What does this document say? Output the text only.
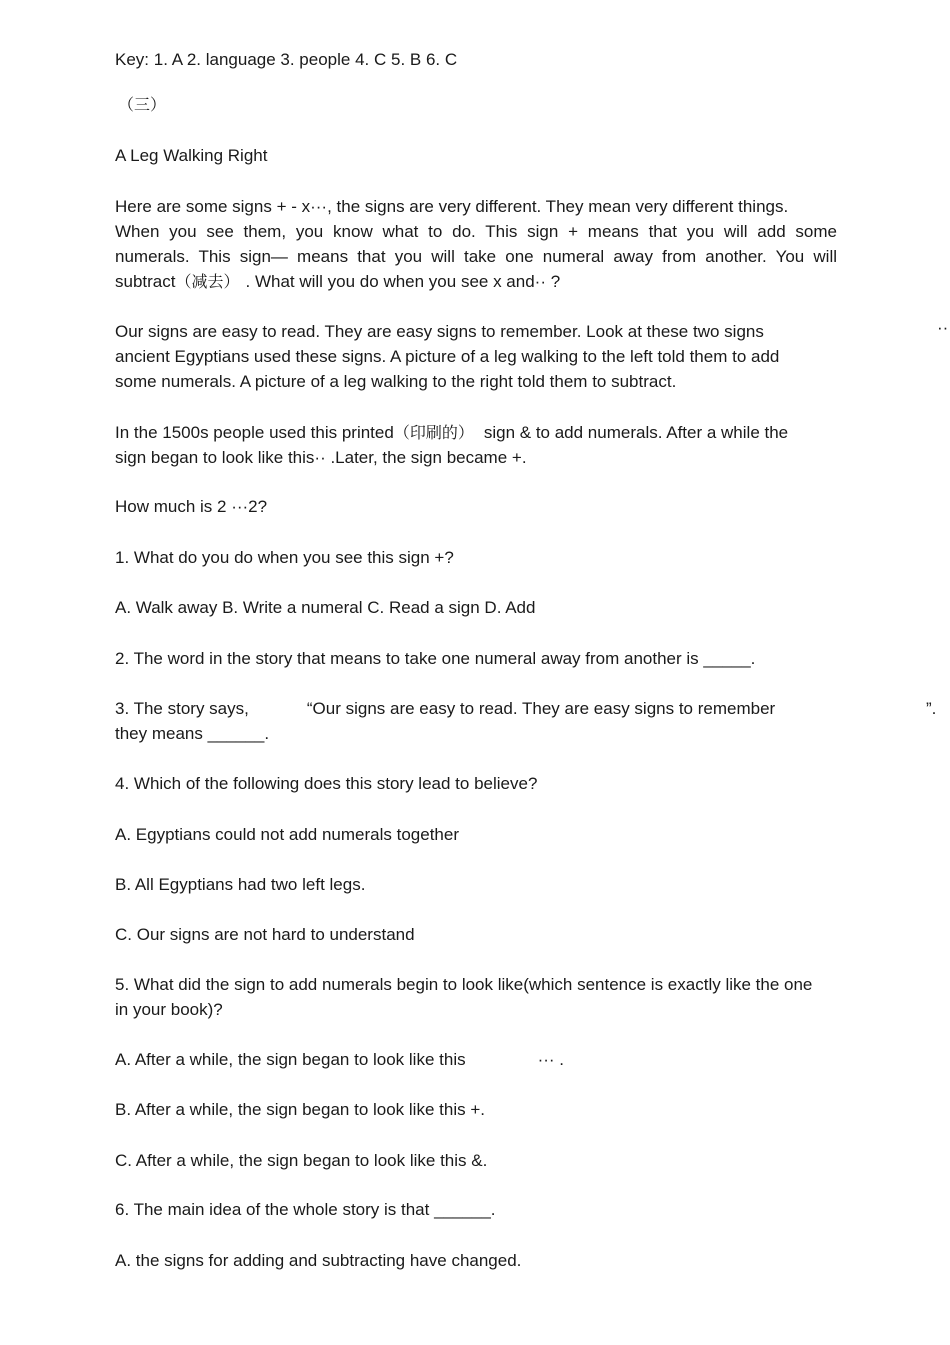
Key: 1. A 2. language 3. people 4. C 5. B 6. C
（三）
A Leg Walking Right
Here are some signs + - x···, the signs are very different. They mean very different things.
When you see them, you know what to do. This sign + means that you will add some
numerals. This sign— means that you will take one numeral away from another. You will
subtract（减去） . What will you do when you see x and·· ?
Our signs are easy to read. They are easy signs to remember. Look at these two signs	··
ancient Egyptians used these signs. A picture of a leg walking to the left told them to add
some numerals. A picture of a leg walking to the right told them to subtract.
In the 1500s people used this printed（印刷的） sign & to add numerals. After a while the
sign began to look like this·· .Later, the sign became +.
How much is 2 ···2?
1. What do you do when you see this sign +?
A. Walk away B. Write a numeral C. Read a sign D. Add
2. The word in the story that means to take one numeral away from another is _____.
3. The story says,	“Our signs are easy to read. They are easy signs to remember	”.
they means ______.
4. Which of the following does this story lead to believe?
A. Egyptians could not add numerals together
B. All Egyptians had two left legs.
C. Our signs are not hard to understand
5. What did the sign to add numerals begin to look like(which sentence is exactly like the one
in your book)?
A. After a while, the sign began to look like this	··· .
B. After a while, the sign began to look like this +.
C. After a while, the sign began to look like this &.
6. The main idea of the whole story is that ______.
A. the signs for adding and subtracting have changed.
